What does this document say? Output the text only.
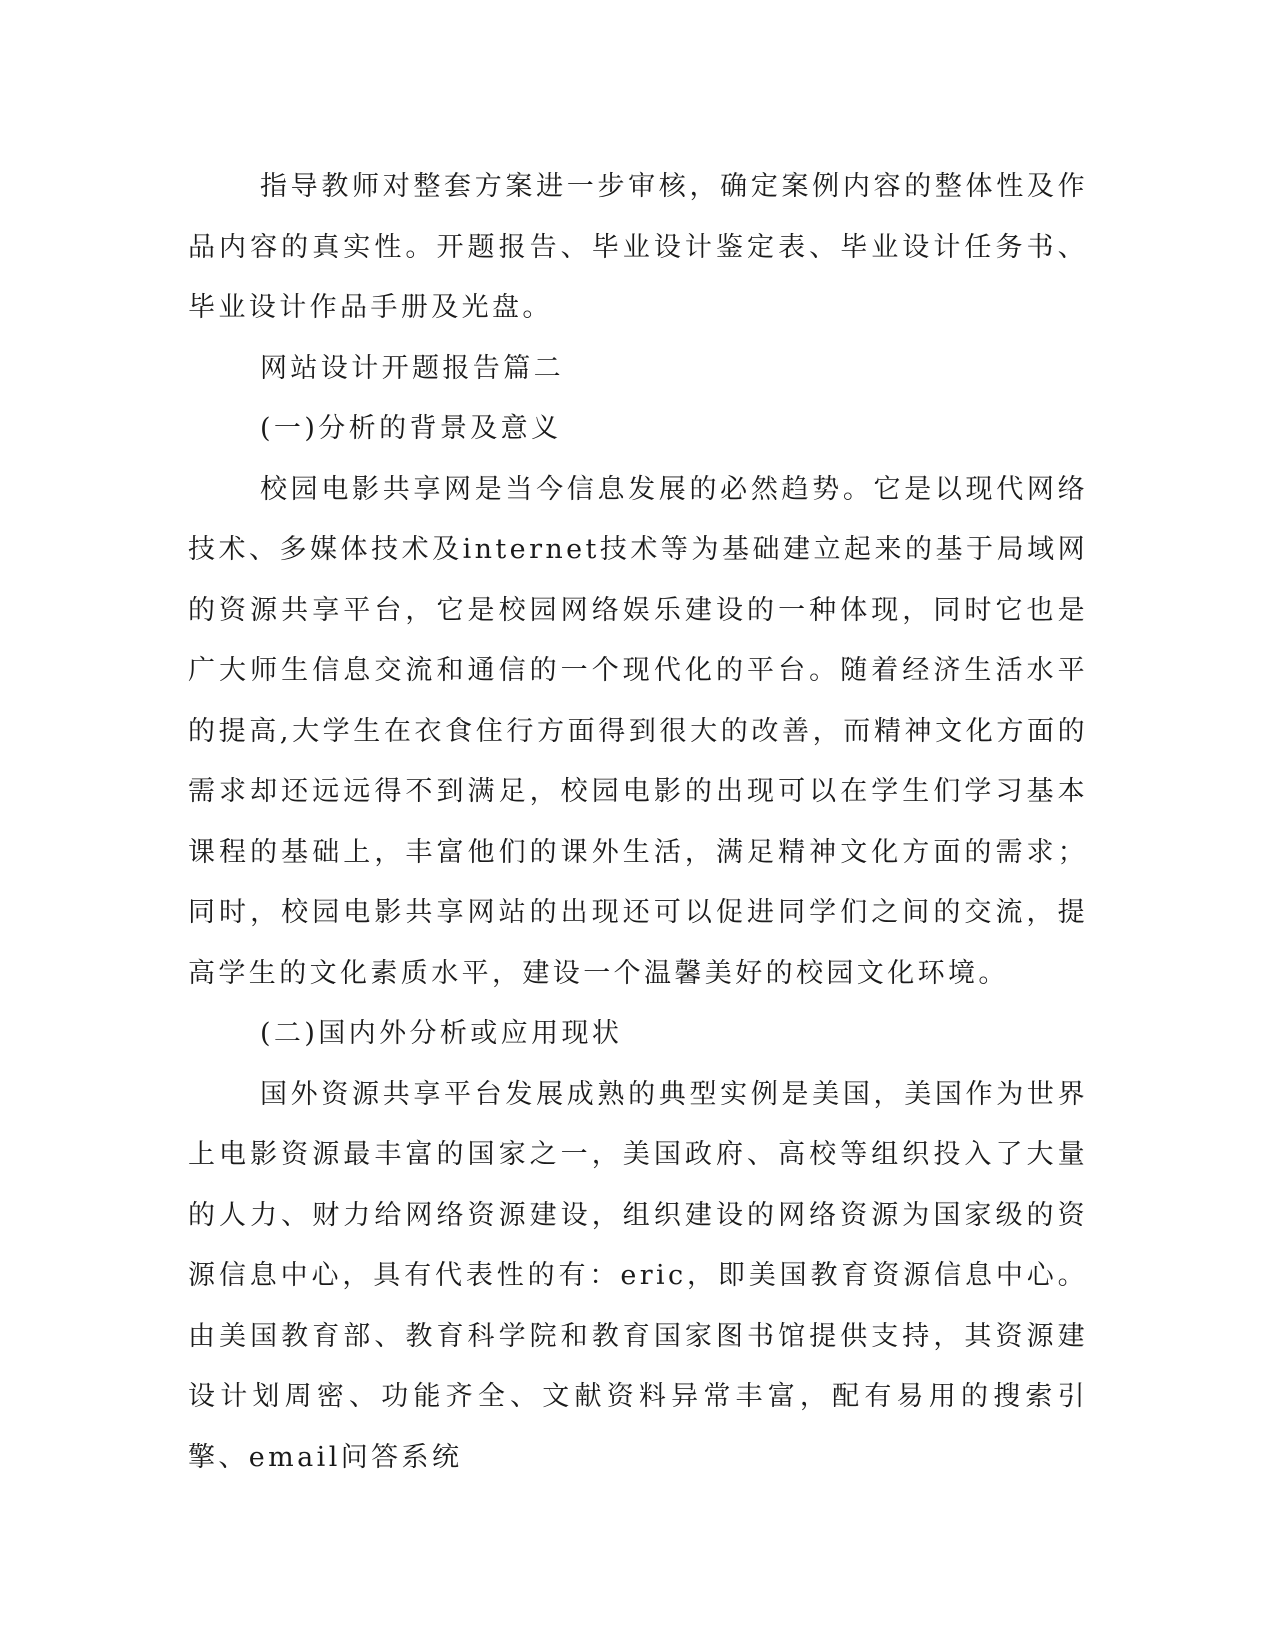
指导教师对整套方案进一步审核，确定案例内容的整体性及作品内容的真实性。开题报告、毕业设计鉴定表、毕业设计任务书、毕业设计作品手册及光盘。

网站设计开题报告篇二

(一)分析的背景及意义

校园电影共享网是当今信息发展的必然趋势。它是以现代网络技术、多媒体技术及internet技术等为基础建立起来的基于局域网的资源共享平台，它是校园网络娱乐建设的一种体现，同时它也是广大师生信息交流和通信的一个现代化的平台。随着经济生活水平的提高,大学生在衣食住行方面得到很大的改善，而精神文化方面的需求却还远远得不到满足，校园电影的出现可以在学生们学习基本课程的基础上，丰富他们的课外生活，满足精神文化方面的需求；同时，校园电影共享网站的出现还可以促进同学们之间的交流，提高学生的文化素质水平，建设一个温馨美好的校园文化环境。

(二)国内外分析或应用现状

国外资源共享平台发展成熟的典型实例是美国，美国作为世界上电影资源最丰富的国家之一，美国政府、高校等组织投入了大量的人力、财力给网络资源建设，组织建设的网络资源为国家级的资源信息中心，具有代表性的有：eric，即美国教育资源信息中心。由美国教育部、教育科学院和教育国家图书馆提供支持，其资源建设计划周密、功能齐全、文献资料异常丰富，配有易用的搜索引擎、email问答系统
